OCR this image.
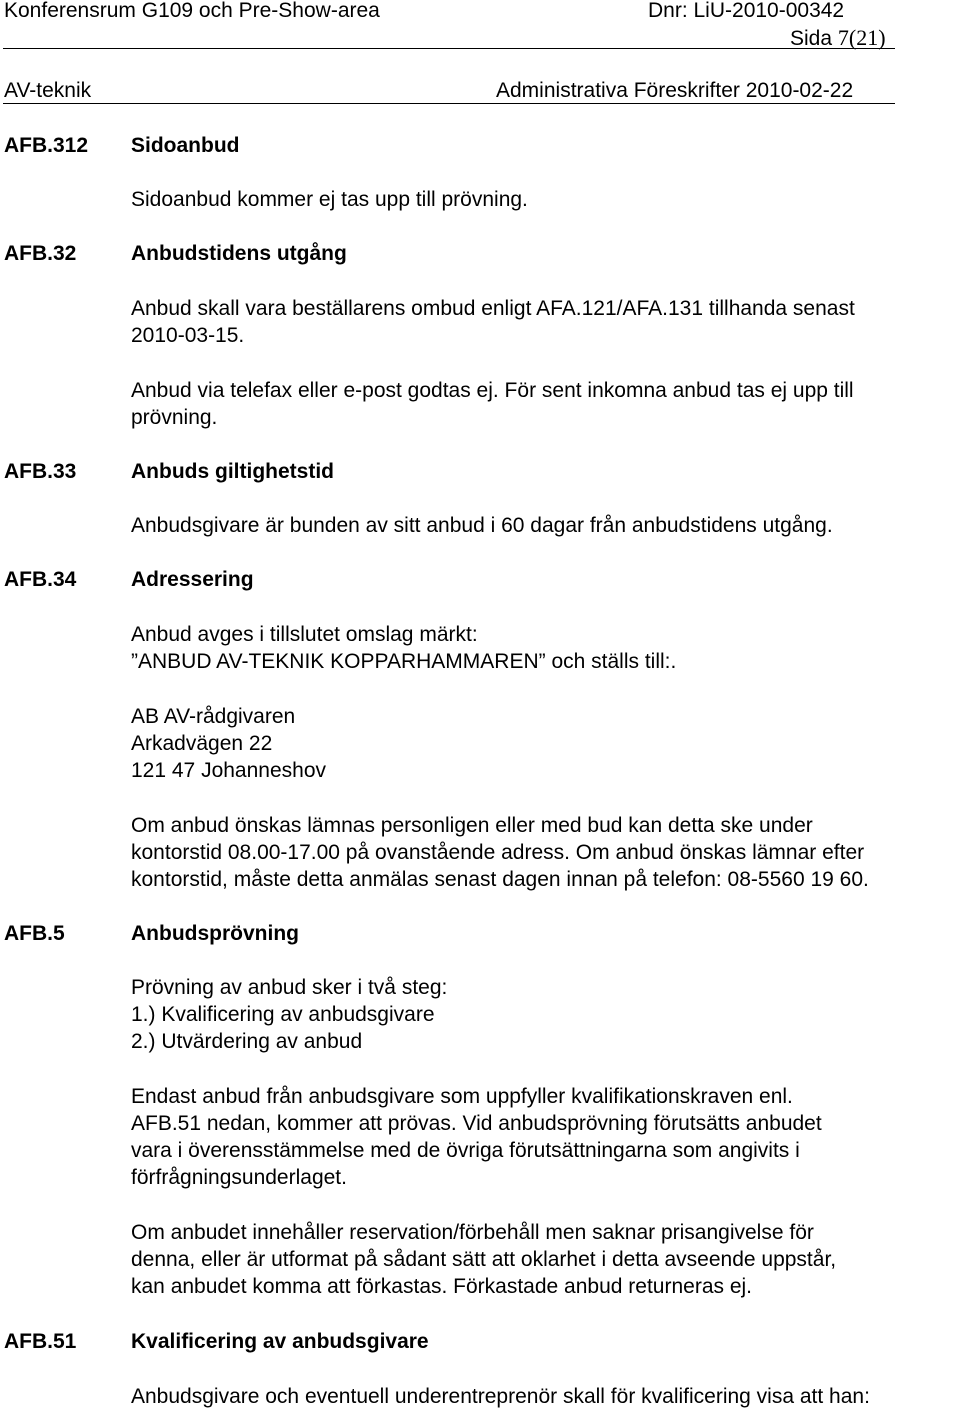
Konferensrum G109 och Pre-Show-area	Dnr: LiU-2010-00342
Sida 7(21)
AV-teknik	Administrativa Föreskrifter 2010-02-22
AFB.312 Sidoanbud
Sidoanbud kommer ej tas upp till prövning.
AFB.32	Anbudstidens utgång
Anbud skall vara beställarens ombud enligt AFA.121/AFA.131 tillhanda senast
2010-03-15.
Anbud via telefax eller e-post godtas ej. För sent inkomna anbud tas ej upp till
prövning.
AFB.33	Anbuds giltighetstid
Anbudsgivare är bunden av sitt anbud i 60 dagar från anbudstidens utgång.
AFB.34	Adressering
Anbud avges i tillslutet omslag märkt:
”ANBUD AV-TEKNIK KOPPARHAMMAREN” och ställs till:.
AB AV-rådgivaren
Arkadvägen 22
121 47 Johanneshov
Om anbud önskas lämnas personligen eller med bud kan detta ske under
kontorstid 08.00-17.00 på ovanstående adress. Om anbud önskas lämnar efter
kontorstid, måste detta anmälas senast dagen innan på telefon: 08-5560 19 60.
AFB.5	Anbudsprövning
Prövning av anbud sker i två steg:
1.) Kvalificering av anbudsgivare
2.) Utvärdering av anbud
Endast anbud från anbudsgivare som uppfyller kvalifikationskraven enl.
AFB.51 nedan, kommer att prövas. Vid anbudsprövning förutsätts anbudet
vara i överensstämmelse med de övriga förutsättningarna som angivits i
förfrågningsunderlaget.
Om anbudet innehåller reservation/förbehåll men saknar prisangivelse för
denna, eller är utformat på sådant sätt att oklarhet i detta avseende uppstår,
kan anbudet komma att förkastas. Förkastade anbud returneras ej.
AFB.51	Kvalificering av anbudsgivare
Anbudsgivare och eventuell underentreprenör skall för kvalificering visa att han:
